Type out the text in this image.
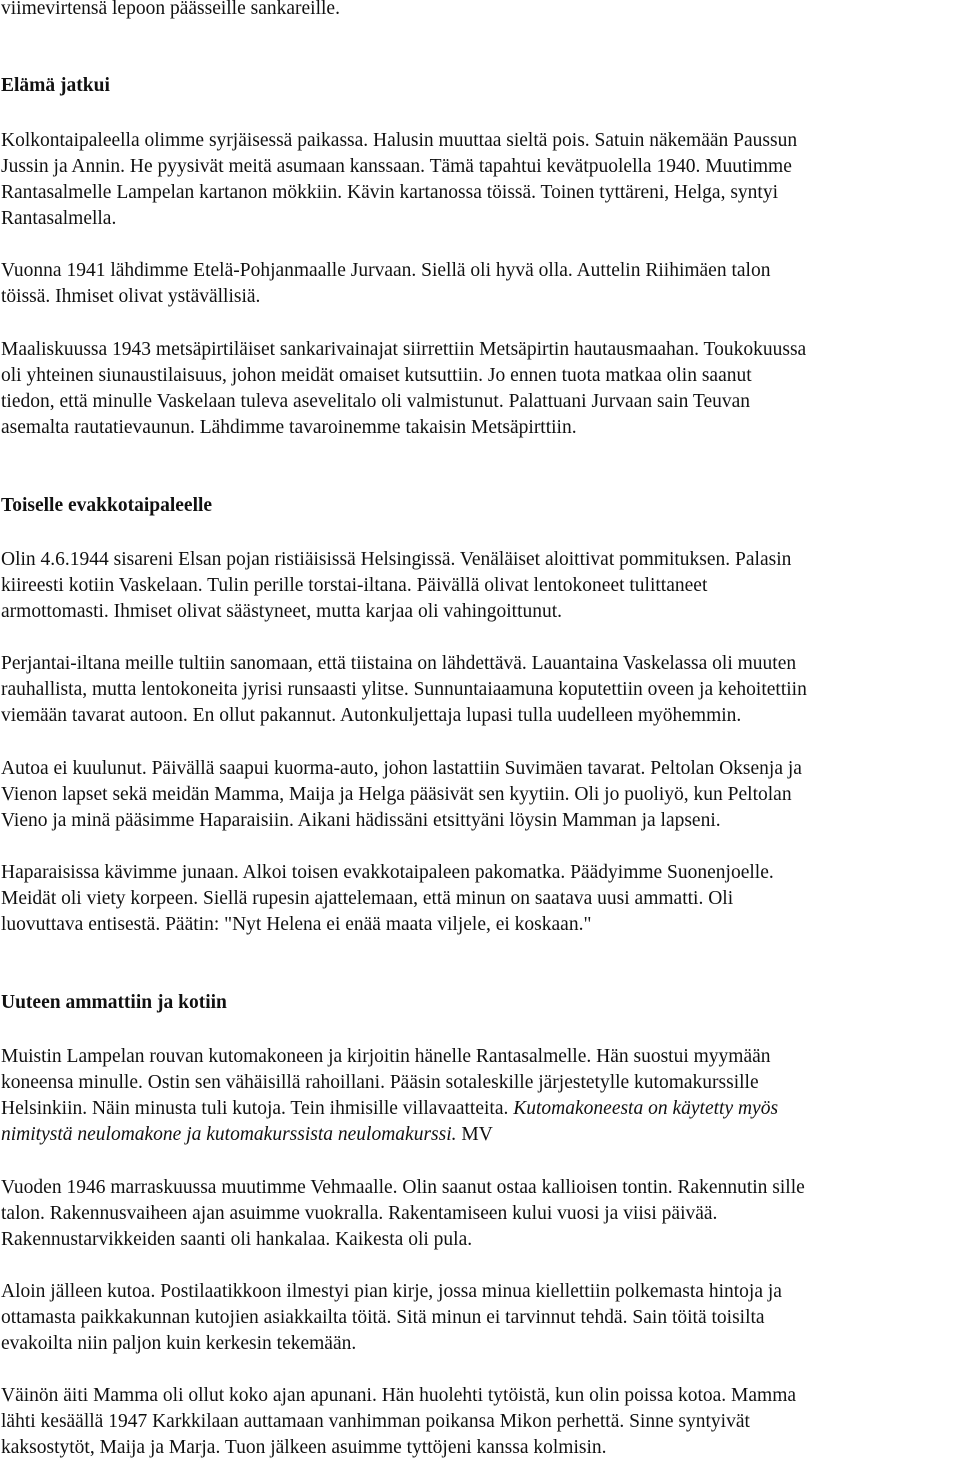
viimevirtensä lepoon päässeille sankareille.

Elämä jatkui

Kolkontaipaleella olimme syrjäisessä paikassa. Halusin muuttaa sieltä pois. Satuin näkemään Paussun

Jussin ja Annin. He pyysivät meitä asumaan kanssaan. Tämä tapahtui kevätpuolella 1940. Muutimme

Rantasalmelle Lampelan kartanon mökkiin. Kävin kartanossa töissä. Toinen tyttäreni, Helga, syntyi

Rantasalmella.

Vuonna 1941 lähdimme Etelä-Pohjanmaalle Jurvaan. Siellä oli hyvä olla. Auttelin Riihimäen talon

töissä. Ihmiset olivat ystävällisiä.

Maaliskuussa 1943 metsäpirtiläiset sankarivainajat siirrettiin Metsäpirtin hautausmaahan. Toukokuussa

oli yhteinen siunaustilaisuus, johon meidät omaiset kutsuttiin. Jo ennen tuota matkaa olin saanut

tiedon, että minulle Vaskelaan tuleva asevelitalo oli valmistunut. Palattuani Jurvaan sain Teuvan

asemalta rautatievaunun. Lähdimme tavaroinemme takaisin Metsäpirttiin.

Toiselle evakkotaipaleelle

Olin 4.6.1944 sisareni Elsan pojan ristiäisissä Helsingissä. Venäläiset aloittivat pommituksen. Palasin

kiireesti kotiin Vaskelaan. Tulin perille torstai-iltana. Päivällä olivat lentokoneet tulittaneet

armottomasti. Ihmiset olivat säästyneet, mutta karjaa oli vahingoittunut.

Perjantai-iltana meille tultiin sanomaan, että tiistaina on lähdettävä. Lauantaina Vaskelassa oli muuten

rauhallista, mutta lentokoneita jyrisi runsaasti ylitse. Sunnuntaiaamuna koputettiin oveen ja kehoitettiin

viemään tavarat autoon. En ollut pakannut. Autonkuljettaja lupasi tulla uudelleen myöhemmin.

Autoa ei kuulunut. Päivällä saapui kuorma-auto, johon lastattiin Suvimäen tavarat. Peltolan Oksenja ja

Vienon lapset sekä meidän Mamma, Maija ja Helga pääsivät sen kyytiin. Oli jo puoliyö, kun Peltolan

Vieno ja minä pääsimme Haparaisiin. Aikani hädissäni etsittyäni löysin Mamman ja lapseni.

Haparaisissa kävimme junaan. Alkoi toisen evakkotaipaleen pakomatka. Päädyimme Suonenjoelle.

Meidät oli viety korpeen. Siellä rupesin ajattelemaan, että minun on saatava uusi ammatti. Oli

luovuttava entisestä. Päätin: "Nyt Helena ei enää maata viljele, ei koskaan."

Uuteen ammattiin ja kotiin

Muistin Lampelan rouvan kutomakoneen ja kirjoitin hänelle Rantasalmelle. Hän suostui myymään

koneensa minulle. Ostin sen vähäisillä rahoillani. Pääsin sotaleskille järjestetylle kutomakurssille

Helsinkiin. Näin minusta tuli kutoja. Tein ihmisille villavaatteita. Kutomakoneesta on käytetty myös

nimitystä neulomakone ja kutomakurssista neulomakurssi. MV

Vuoden 1946 marraskuussa muutimme Vehmaalle. Olin saanut ostaa kallioisen tontin. Rakennutin sille

talon. Rakennusvaiheen ajan asuimme vuokralla. Rakentamiseen kului vuosi ja viisi päivää.

Rakennustarvikkeiden saanti oli hankalaa. Kaikesta oli pula.

Aloin jälleen kutoa. Postilaatikkoon ilmestyi pian kirje, jossa minua kiellettiin polkemasta hintoja ja

ottamasta paikkakunnan kutojien asiakkailta töitä. Sitä minun ei tarvinnut tehdä. Sain töitä toisilta

evakoilta niin paljon kuin kerkesin tekemään.

Väinön äiti Mamma oli ollut koko ajan apunani. Hän huolehti tytöistä, kun olin poissa kotoa. Mamma

lähti kesäällä 1947 Karkkilaan auttamaan vanhimman poikansa Mikon perhettä. Sinne syntyivät

kaksostytöt, Maija ja Marja. Tuon jälkeen asuimme tyttöjeni kanssa kolmisin.
